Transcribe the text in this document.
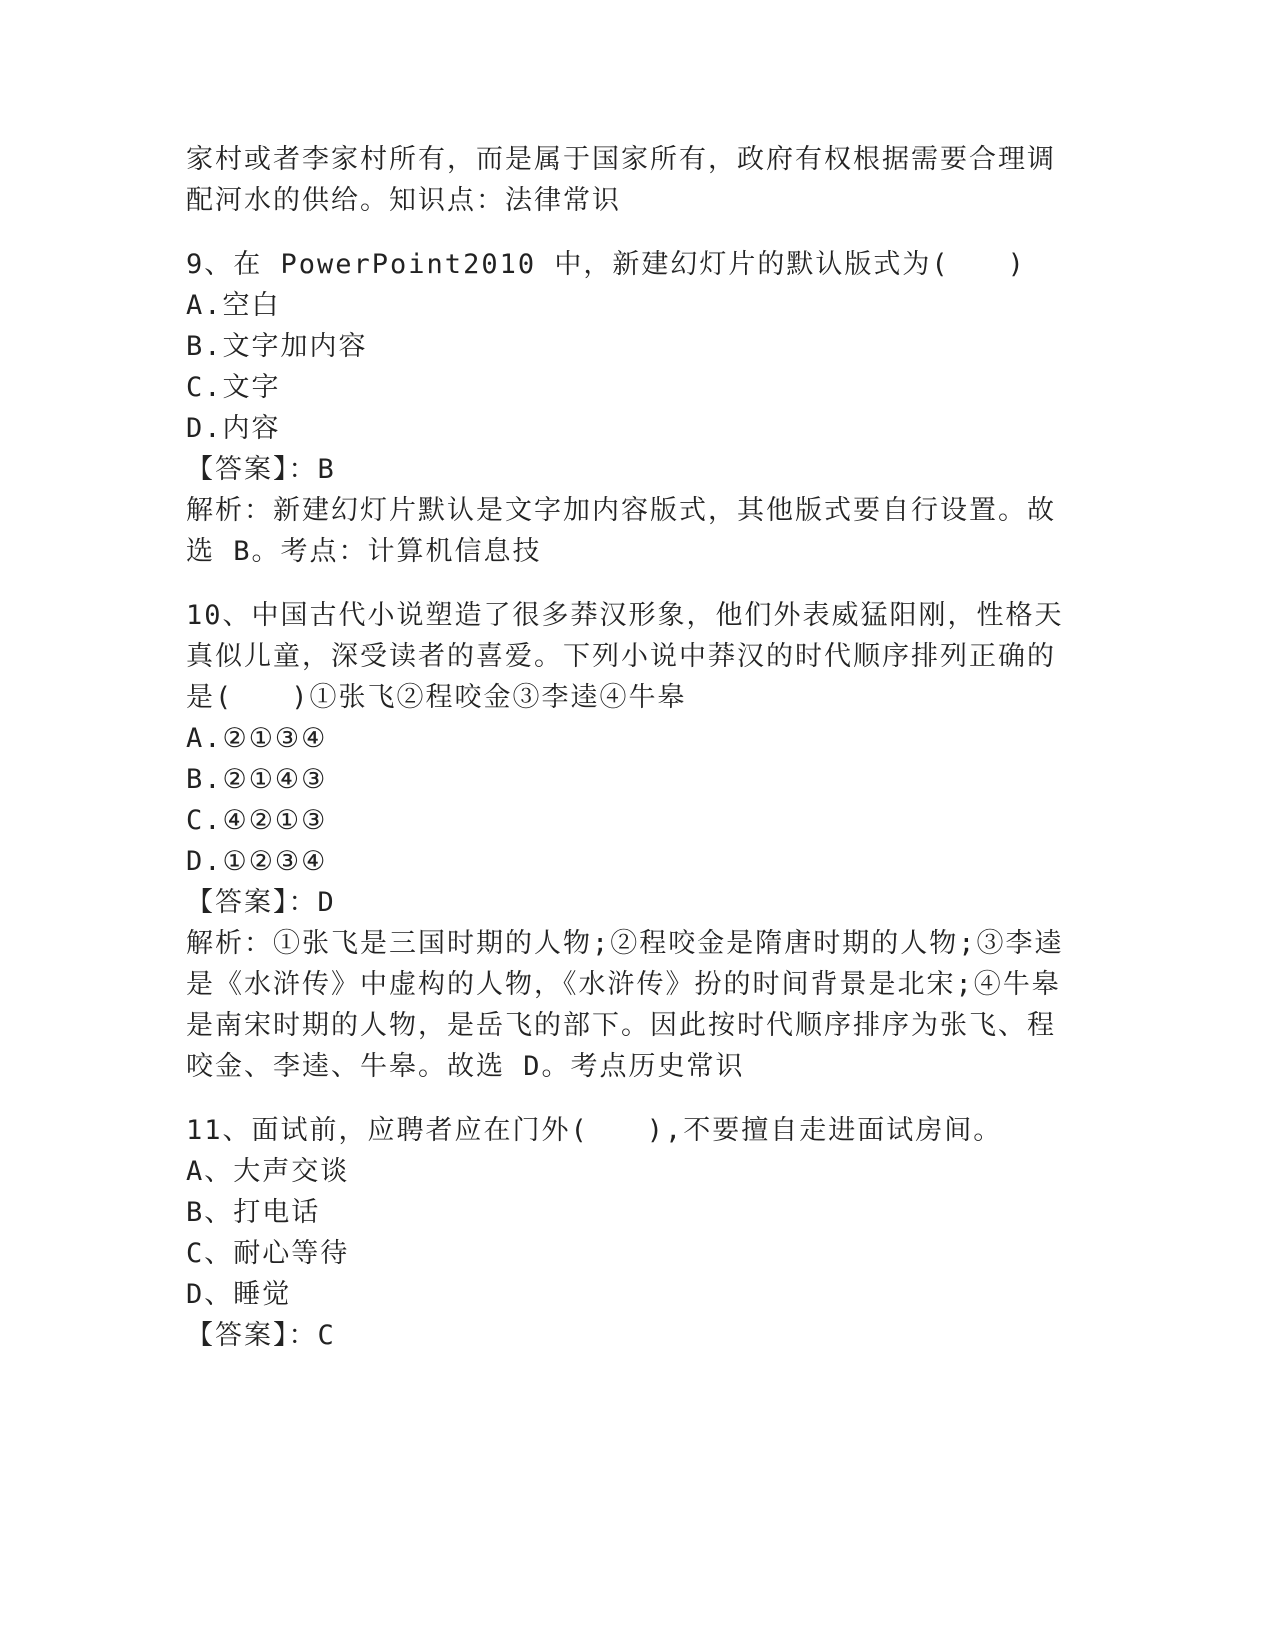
家村或者李家村所有，而是属于国家所有，政府有权根据需要合理调
配河水的供给。知识点：法律常识
9、在 PowerPoint2010 中，新建幻灯片的默认版式为(　　)
A.空白
B.文字加内容
C.文字
D.内容
【答案】：B
解析：新建幻灯片默认是文字加内容版式，其他版式要自行设置。故
选 B。考点：计算机信息技
10、中国古代小说塑造了很多莽汉形象，他们外表威猛阳刚，性格天
真似儿童，深受读者的喜爱。下列小说中莽汉的时代顺序排列正确的
是(　　)①张飞②程咬金③李逵④牛皋
A.②①③④
B.②①④③
C.④②①③
D.①②③④
【答案】：D
解析：①张飞是三国时期的人物;②程咬金是隋唐时期的人物;③李逵
是《水浒传》中虚构的人物，《水浒传》扮的时间背景是北宋;④牛皋
是南宋时期的人物，是岳飞的部下。因此按时代顺序排序为张飞、程
咬金、李逵、牛皋。故选 D。考点历史常识
11、面试前，应聘者应在门外(　　),不要擅自走进面试房间。
A、大声交谈
B、打电话
C、耐心等待
D、睡觉
【答案】：C
